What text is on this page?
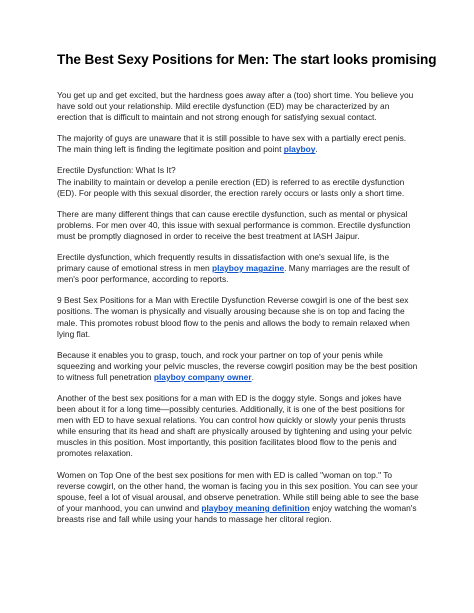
The Best Sexy Positions for Men: The start looks promising

You get up and get excited, but the hardness goes away after a (too) short time. You believe you have sold out your relationship. Mild erectile dysfunction (ED) may be characterized by an erection that is difficult to maintain and not strong enough for satisfying sexual contact.

The majority of guys are unaware that it is still possible to have sex with a partially erect penis. The main thing left is finding the legitimate position and point playboy.

Erectile Dysfunction: What Is It?
The inability to maintain or develop a penile erection (ED) is referred to as erectile dysfunction (ED). For people with this sexual disorder, the erection rarely occurs or lasts only a short time.

There are many different things that can cause erectile dysfunction, such as mental or physical problems. For men over 40, this issue with sexual performance is common. Erectile dysfunction must be promptly diagnosed in order to receive the best treatment at IASH Jaipur.

Erectile dysfunction, which frequently results in dissatisfaction with one's sexual life, is the primary cause of emotional stress in men playboy magazine. Many marriages are the result of men's poor performance, according to reports.

9 Best Sex Positions for a Man with Erectile Dysfunction Reverse cowgirl is one of the best sex positions. The woman is physically and visually arousing because she is on top and facing the male. This promotes robust blood flow to the penis and allows the body to remain relaxed when lying flat.

Because it enables you to grasp, touch, and rock your partner on top of your penis while squeezing and working your pelvic muscles, the reverse cowgirl position may be the best position to witness full penetration playboy company owner.

Another of the best sex positions for a man with ED is the doggy style. Songs and jokes have been about it for a long time—possibly centuries. Additionally, it is one of the best positions for men with ED to have sexual relations. You can control how quickly or slowly your penis thrusts while ensuring that its head and shaft are physically aroused by tightening and using your pelvic muscles in this position. Most importantly, this position facilitates blood flow to the penis and promotes relaxation.

Women on Top One of the best sex positions for men with ED is called "woman on top." To reverse cowgirl, on the other hand, the woman is facing you in this sex position. You can see your spouse, feel a lot of visual arousal, and observe penetration. While still being able to see the base of your manhood, you can unwind and playboy meaning definition enjoy watching the woman's breasts rise and fall while using your hands to massage her clitoral region.
